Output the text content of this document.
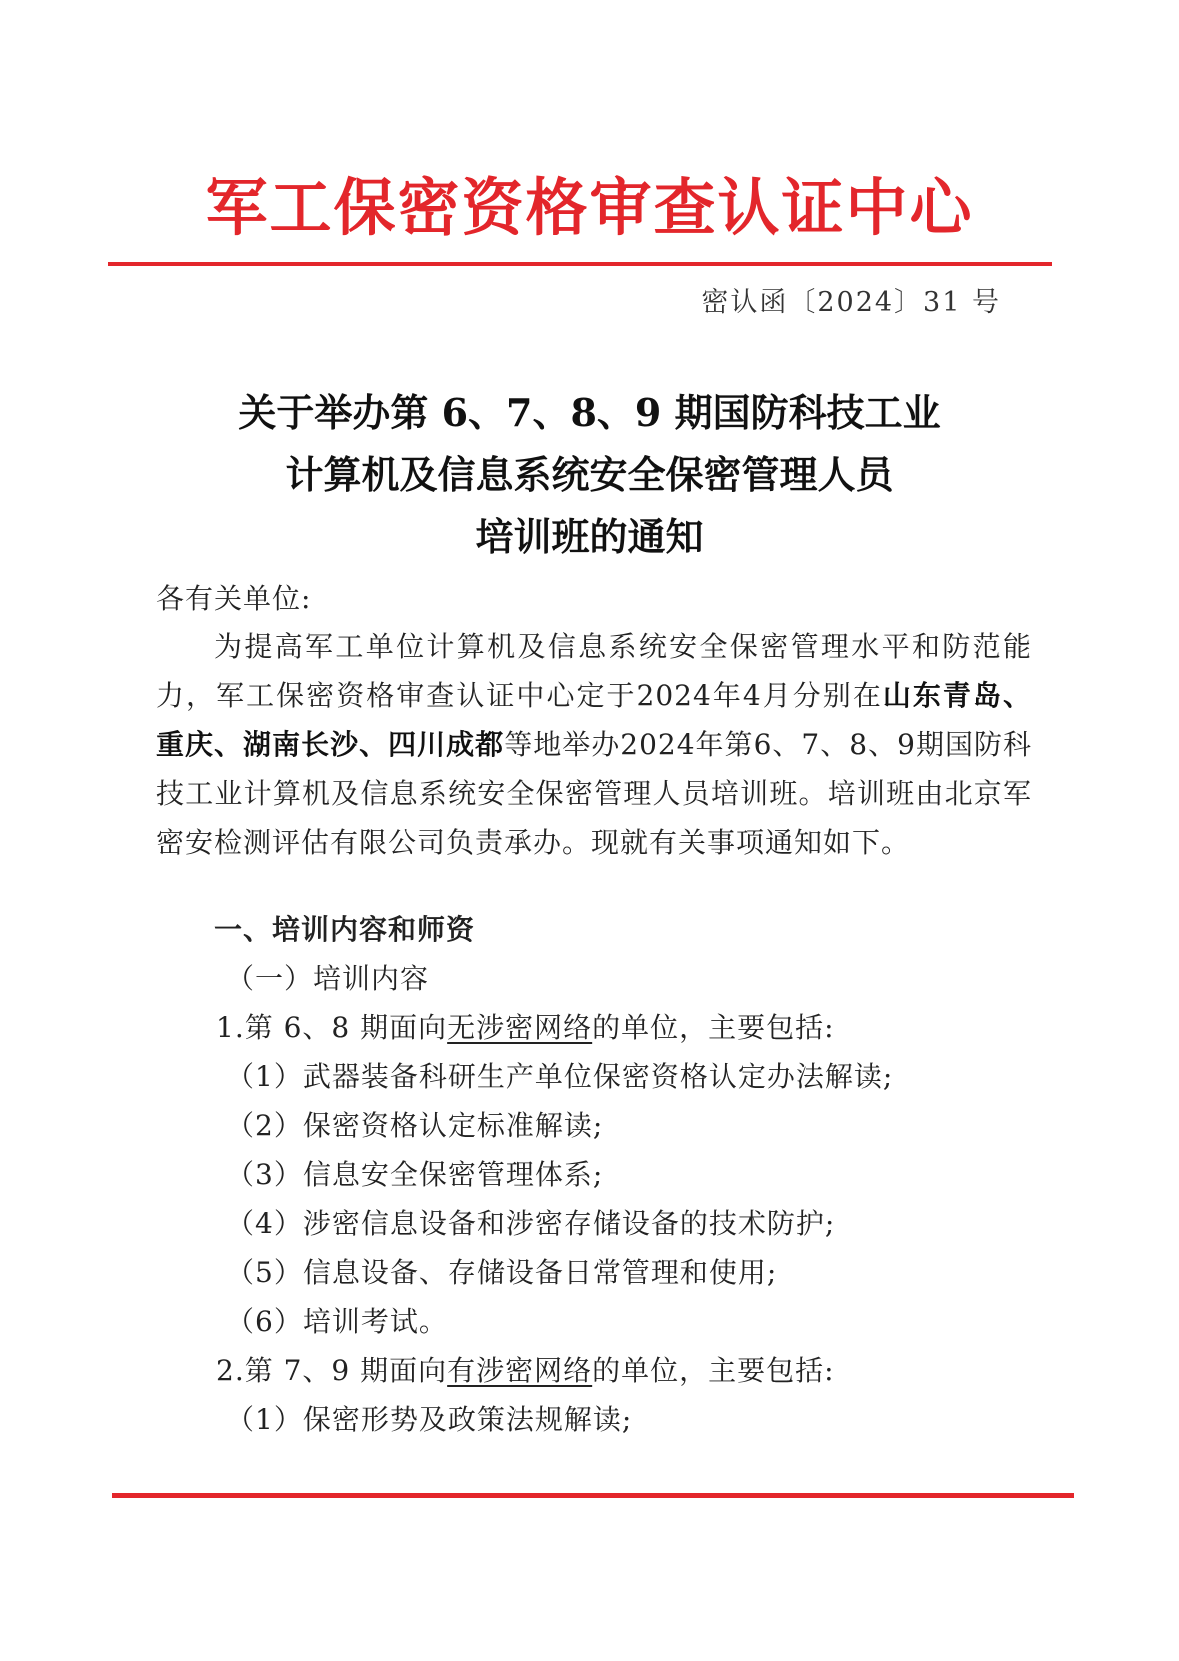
军工保密资格审查认证中心
密认函〔2024〕31 号
关于举办第 6、7、8、9 期国防科技工业
计算机及信息系统安全保密管理人员
培训班的通知
各有关单位:

为提高军工单位计算机及信息系统安全保密管理水平和防范能力，军工保密资格审查认证中心定于2024年4月分别在山东青岛、重庆、湖南长沙、四川成都等地举办2024年第6、7、8、9期国防科技工业计算机及信息系统安全保密管理人员培训班。培训班由北京军密安检测评估有限公司负责承办。现就有关事项通知如下。

一、培训内容和师资
（一）培训内容
1.第 6、8 期面向无涉密网络的单位，主要包括:
（1）武器装备科研生产单位保密资格认定办法解读;
（2）保密资格认定标准解读;
（3）信息安全保密管理体系;
（4）涉密信息设备和涉密存储设备的技术防护;
（5）信息设备、存储设备日常管理和使用;
（6）培训考试。
2.第 7、9 期面向有涉密网络的单位，主要包括:
（1）保密形势及政策法规解读;
